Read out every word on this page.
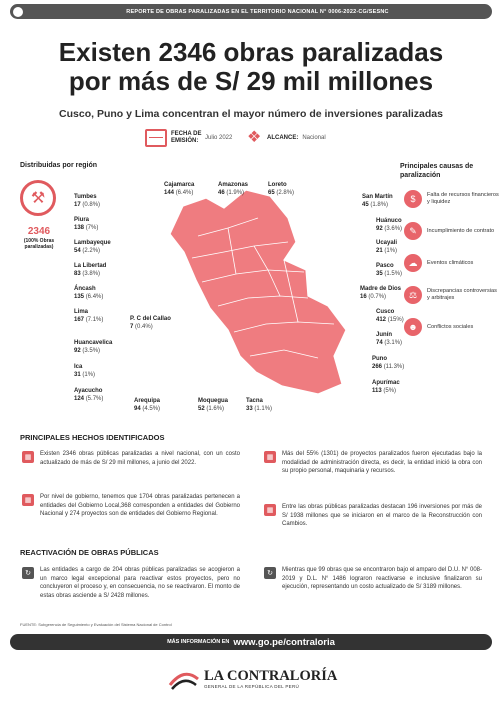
REPORTE DE OBRAS PARALIZADAS EN EL TERRITORIO NACIONAL N° 0006-2022-CG/SESNC
Existen 2346 obras paralizadas
por más de S/ 29 mil millones
Cusco, Puno y Lima concentran el mayor número de inversiones paralizadas
FECHA DE EMISIÓN:
Julio 2022 ❖ ALCANCE: Nacional
Distribuidas por región	Principales causas de paralización
⚒
2346
(100% Obras paralizadas)
Tumbes
17 (0.8%)
Piura
138 (7%)
Lambayeque
54 (2.2%)
La Libertad
83 (3.8%)
Áncash
135 (6.4%)
Lima
167 (7.1%)	P. C del Callao
7 (0.4%)
Huancavelica
92 (3.5%)
Ica
31 (1%)
Ayacucho
124 (5.7%)
Cajamarca
144 (6.4%)
Amazonas
46 (1.9%)
Loreto
65 (2.8%)
San Martín
45 (1.8%)
Huánuco
92 (3.6%)
Ucayali
21 (1%)
Pasco
35 (1.5%)
Madre de Dios
16 (0.7%)
Cusco
412 (15%)
Junín
74 (3.1%)
Puno
266 (11.3%)
Apurímac
113 (5%)
Arequipa
94 (4.5%)
Moquegua
52 (1.6%)
Tacna
33 (1.1%)
$	Falta de recursos financieros y liquidez
✎	Incumplimiento de contrato
☁	Eventos climáticos
⚖	Discrepancias controversias y arbitrajes
☻	Conflictos sociales
PRINCIPALES HECHOS IDENTIFICADOS
▦	Existen 2346 obras públicas paralizadas a nivel nacional, con un costo actualizado de más de S/ 29 mil millones, a junio del 2022.
▦	Por nivel de gobierno, tenemos que 1704 obras paralizadas pertenecen a entidades del Gobierno Local,368 corresponden a entidades del Gobierno Nacional y 274 proyectos son de entidades del Gobierno Regional.
▦	Más del 55% (1301) de proyectos paralizados fueron ejecutadas bajo la modalidad de administración directa, es decir, la entidad inició la obra con su propio personal, maquinaria y recursos.
▦	Entre las obras públicas paralizadas destacan 196 inversiones por más de S/ 1938 millones que se iniciaron en el marco de la Reconstrucción con Cambios.
REACTIVACIÓN DE OBRAS PÚBLICAS
↻	Las entidades a cargo de 204 obras públicas paralizadas se acogieron a un marco legal excepcional para reactivar estos proyectos, pero no concluyeron el proceso y, en consecuencia, no se reactivaron. El monto de estas obras asciende a S/ 2428 millones.
↻	Mientras que 99 obras que se encontraron bajo el amparo del D.U. N° 008-2019 y D.L. N° 1486 lograron reactivarse e inclusive finalizaron su ejecución, representando un costo actualizado de S/ 3189 millones.
FUENTE: Subgerencia de Seguimiento y Evaluación del Sistema Nacional de Control
MÁS INFORMACIÓN EN www.go.pe/contraloria
LA CONTRALORÍA
GENERAL DE LA REPÚBLICA DEL PERÚ
